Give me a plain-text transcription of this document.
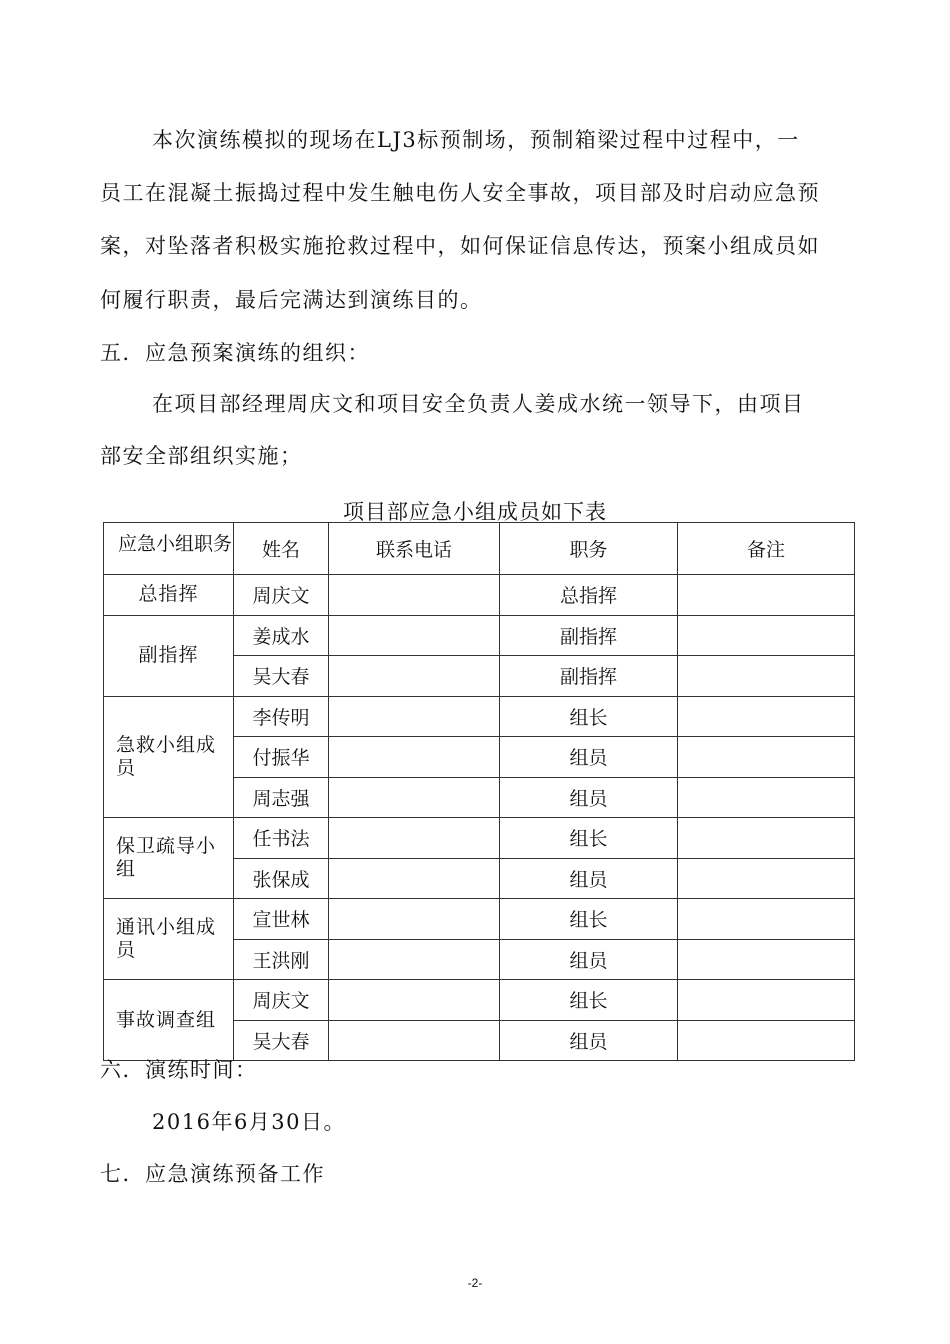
本次演练模拟的现场在LJ3标预制场，预制箱梁过程中过程中，一
员工在混凝土振捣过程中发生触电伤人安全事故，项目部及时启动应急预
案，对坠落者积极实施抢救过程中，如何保证信息传达，预案小组成员如
何履行职责，最后完满达到演练目的。
五．应急预案演练的组织：
在项目部经理周庆文和项目安全负责人姜成水统一领导下，由项目
部安全部组织实施；
项目部应急小组成员如下表
应急小组职务	姓名	联系电话	职务	备注
总指挥	周庆文		总指挥	
副指挥	姜成水		副指挥	
	吴大春		副指挥	
急救小组成员	李传明		组长	
	付振华		组员	
	周志强		组员	
保卫疏导小组	任书法		组长	
	张保成		组员	
通讯小组成员	宣世林		组长	
	王洪刚		组员	
事故调查组	周庆文		组长	
	吴大春		组员	
六．演练时间：
2016年6月30日。
七．应急演练预备工作
-2-
